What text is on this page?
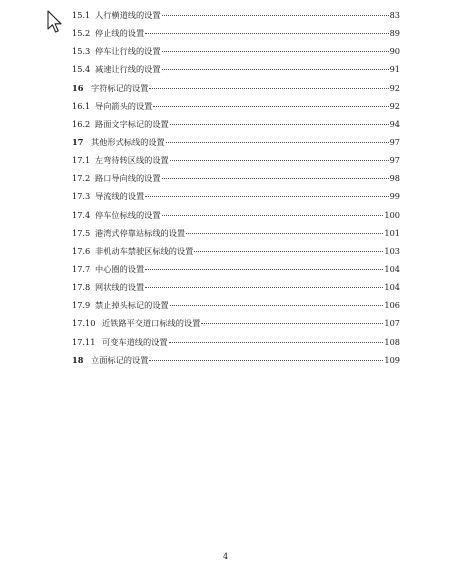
15.1 人行横道线的设置	83
15.2 停止线的设置	89
15.3 停车让行线的设置	90
15.4 减速让行线的设置	91
16 字符标记的设置	92
16.1 导向箭头的设置	92
16.2 路面文字标记的设置	94
17 其他形式标线的设置	97
17.1 左弯待转区线的设置	97
17.2 路口导向线的设置	98
17.3 导流线的设置	99
17.4 停车位标线的设置	100
17.5 港湾式停靠站标线的设置	101
17.6 非机动车禁驶区标线的设置	103
17.7 中心圈的设置	104
17.8 网状线的设置	104
17.9 禁止掉头标记的设置	106
17.10 近铁路平交道口标线的设置	107
17.11 可变车道线的设置	108
18 立面标记的设置	109
4
